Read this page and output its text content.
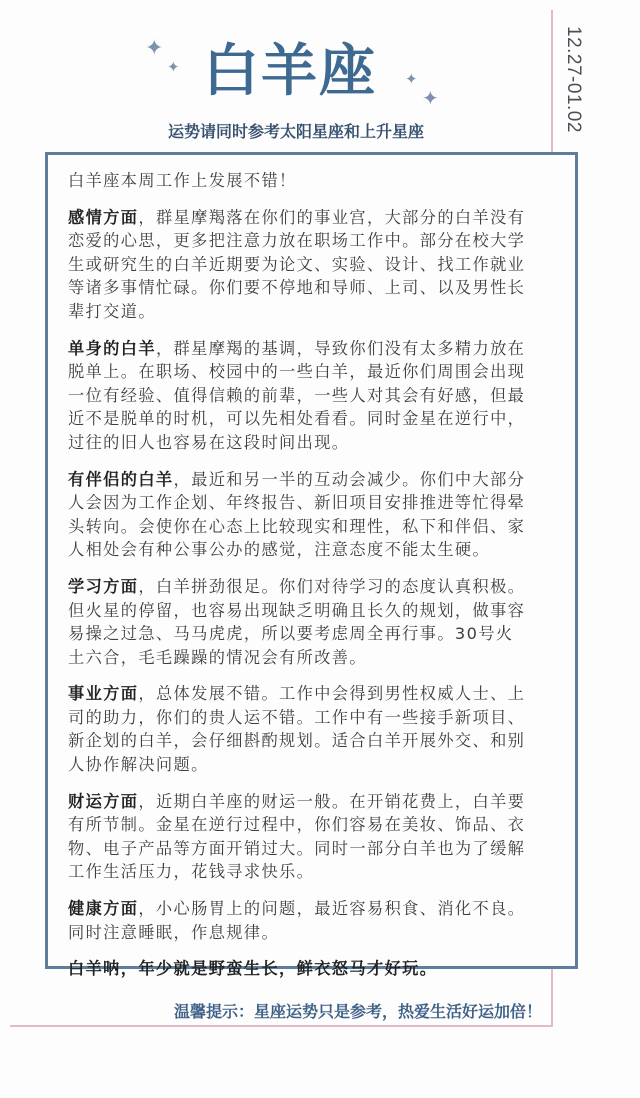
12.27-01.02
✦
✦
✦
✦
白羊座
运势请同时参考太阳星座和上升星座

白羊座本周工作上发展不错！

感情方面，群星摩羯落在你们的事业宫，大部分的白羊没有恋爱的心思，更多把注意力放在职场工作中。部分在校大学生或研究生的白羊近期要为论文、实验、设计、找工作就业等诸多事情忙碌。你们要不停地和导师、上司、以及男性长辈打交道。

单身的白羊，群星摩羯的基调，导致你们没有太多精力放在脱单上。在职场、校园中的一些白羊，最近你们周围会出现一位有经验、值得信赖的前辈，一些人对其会有好感，但最近不是脱单的时机，可以先相处看看。同时金星在逆行中，过往的旧人也容易在这段时间出现。

有伴侣的白羊，最近和另一半的互动会减少。你们中大部分人会因为工作企划、年终报告、新旧项目安排推进等忙得晕头转向。会使你在心态上比较现实和理性，私下和伴侣、家人相处会有种公事公办的感觉，注意态度不能太生硬。

学习方面，白羊拼劲很足。你们对待学习的态度认真积极。但火星的停留，也容易出现缺乏明确且长久的规划，做事容易操之过急、马马虎虎，所以要考虑周全再行事。30号火土六合，毛毛躁躁的情况会有所改善。

事业方面，总体发展不错。工作中会得到男性权威人士、上司的助力，你们的贵人运不错。工作中有一些接手新项目、新企划的白羊，会仔细斟酌规划。适合白羊开展外交、和别人协作解决问题。

财运方面，近期白羊座的财运一般。在开销花费上，白羊要有所节制。金星在逆行过程中，你们容易在美妆、饰品、衣物、电子产品等方面开销过大。同时一部分白羊也为了缓解工作生活压力，花钱寻求快乐。

健康方面，小心肠胃上的问题，最近容易积食、消化不良。同时注意睡眠，作息规律。

白羊呐，年少就是野蛮生长，鲜衣怒马才好玩。

温馨提示：星座运势只是参考，热爱生活好运加倍！
